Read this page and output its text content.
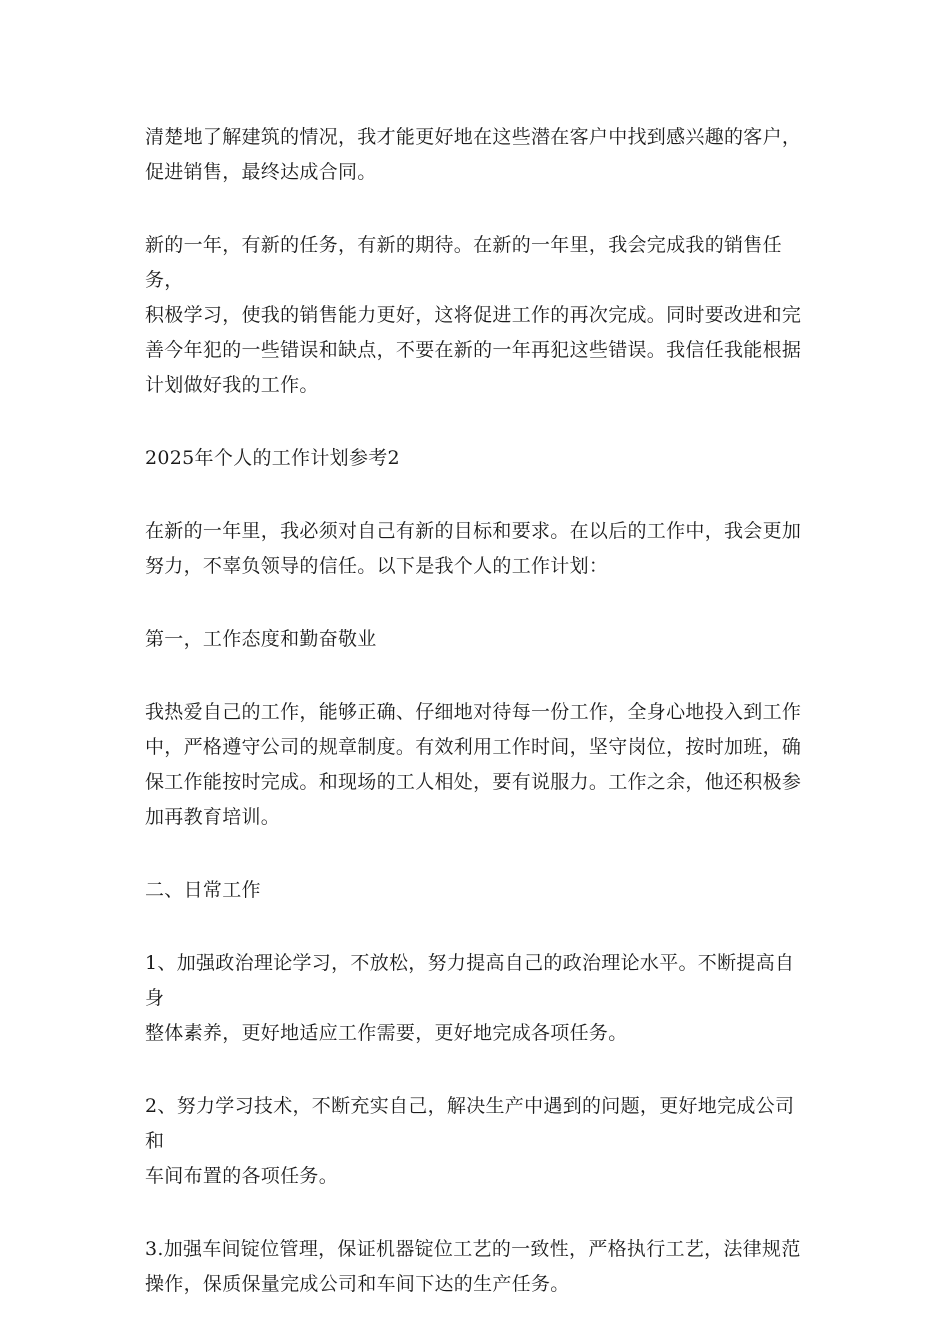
清楚地了解建筑的情况，我才能更好地在这些潜在客户中找到感兴趣的客户，
促进销售，最终达成合同。

新的一年，有新的任务，有新的期待。在新的一年里，我会完成我的销售任务，
积极学习，使我的销售能力更好，这将促进工作的再次完成。同时要改进和完
善今年犯的一些错误和缺点，不要在新的一年再犯这些错误。我信任我能根据
计划做好我的工作。

2025年个人的工作计划参考2

在新的一年里，我必须对自己有新的目标和要求。在以后的工作中，我会更加
努力，不辜负领导的信任。以下是我个人的工作计划：

第一，工作态度和勤奋敬业

我热爱自己的工作，能够正确、仔细地对待每一份工作，全身心地投入到工作
中，严格遵守公司的规章制度。有效利用工作时间，坚守岗位，按时加班，确
保工作能按时完成。和现场的工人相处，要有说服力。工作之余，他还积极参
加再教育培训。

二、日常工作

1、加强政治理论学习，不放松，努力提高自己的政治理论水平。不断提高自身
整体素养，更好地适应工作需要，更好地完成各项任务。

2、努力学习技术，不断充实自己，解决生产中遇到的问题，更好地完成公司和
车间布置的各项任务。

3.加强车间锭位管理，保证机器锭位工艺的一致性，严格执行工艺，法律规范
操作，保质保量完成公司和车间下达的生产任务。
